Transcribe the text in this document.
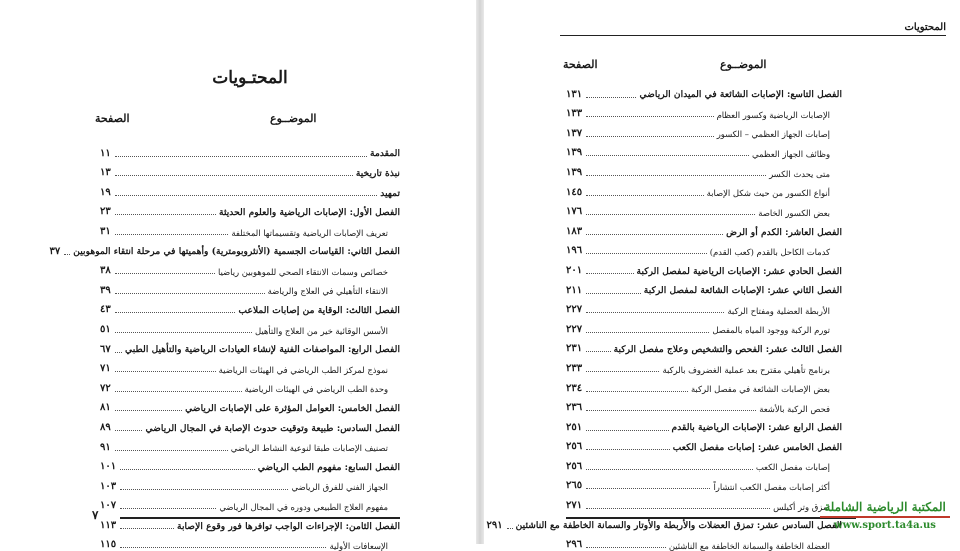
المحتويات
المحتـويات
الموضــوع
الصفحة
الموضــوع
الصفحة
المقدمة
١١
نبذة تاريخية
١٣
تمهيد
١٩
الفصل الأول: الإصابات الرياضية والعلوم الحديثة
٢٣
تعريف الإصابات الرياضية وتقسيماتها المختلفة
٣١
الفصل الثاني: القياسات الجسمية (الأنثروبومترية) وأهميتها في مرحلة انتقاء الموهوبين
٣٧
خصائص وسمات الانتقاء الصحي للموهوبين رياضيا
٣٨
الانتقاء التأهيلي في العلاج والرياضة
٣٩
الفصل الثالث: الوقاية من إصابات الملاعب
٤٣
الأسس الوقائية خير من العلاج والتأهيل
٥١
الفصل الرابع: المواصفات الفنية لإنشاء العيادات الرياضية والتأهيل الطبي
٦٧
نموذج لمركز الطب الرياضي في الهيئات الرياضية
٧١
وحدة الطب الرياضي في الهيئات الرياضية
٧٢
الفصل الخامس: العوامل المؤثرة على الإصابات الرياضي
٨١
الفصل السادس: طبيعة وتوقيت حدوث الإصابة في المجال الرياضي
٨٩
تصنيف الإصابات طبقا لنوعية النشاط الرياضي
٩١
الفصل السابع: مفهوم الطب الرياضي
١٠١
الجهاز الفني للفرق الرياضي
١٠٣
مفهوم العلاج الطبيعي ودوره في المجال الرياضي
١٠٧
الفصل الثامن: الإجراءات الواجب توافرها فور وقوع الإصابة
١١٣
الإسعافات الأولية
١١٥
الفصل التاسع: الإصابات الشائعة في الميدان الرياضي
١٣١
الإصابات الرياضية وكسور العظام
١٣٣
إصابات الجهاز العظمي – الكسور
١٣٧
وظائف الجهاز العظمي
١٣٩
متى يحدث الكسر
١٣٩
أنواع الكسور من حيث شكل الإصابة
١٤٥
بعض الكسور الخاصة
١٧٦
الفصل العاشر: الكدم أو الرض
١٨٣
كدمات الكاحل بالقدم (كعب القدم)
١٩٦
الفصل الحادي عشر: الإصابات الرياضية لمفصل الركبة
٢٠١
الفصل الثاني عشر: الإصابات الشائعة لمفصل الركبة
٢١١
الأربطة العضلية ومفتاح الركبة
٢٢٧
تورم الركبة ووجود المياه بالمفصل
٢٢٧
الفصل الثالث عشر: الفحص والتشخيص وعلاج مفصل الركبة
٢٣١
برنامج تأهيلي مقترح بعد عملية الغضروف بالركبة
٢٣٣
بعض الإصابات الشائعة في مفصل الركبة
٢٣٤
فحص الركبة بالأشعة
٢٣٦
الفصل الرابع عشر: الإصابات الرياضية بالقدم
٢٥١
الفصل الخامس عشر: إصابات مفصل الكعب
٢٥٦
إصابات مفصل الكعب
٢٥٦
أكثر إصابات مفصل الكعب انتشاراً
٢٦٥
تمزق وتر أكيلس
٢٧١
الفصل السادس عشر: تمزق العضلات والأربطة والأوتار والسمانة الخاطفة مع الناشئين
٢٩١
العضلة الخاطفة والسمانة الخاطفة مع الناشئين
٢٩٦
٧
المكتبة الرياضية الشاملة
www.sport.ta4a.us
